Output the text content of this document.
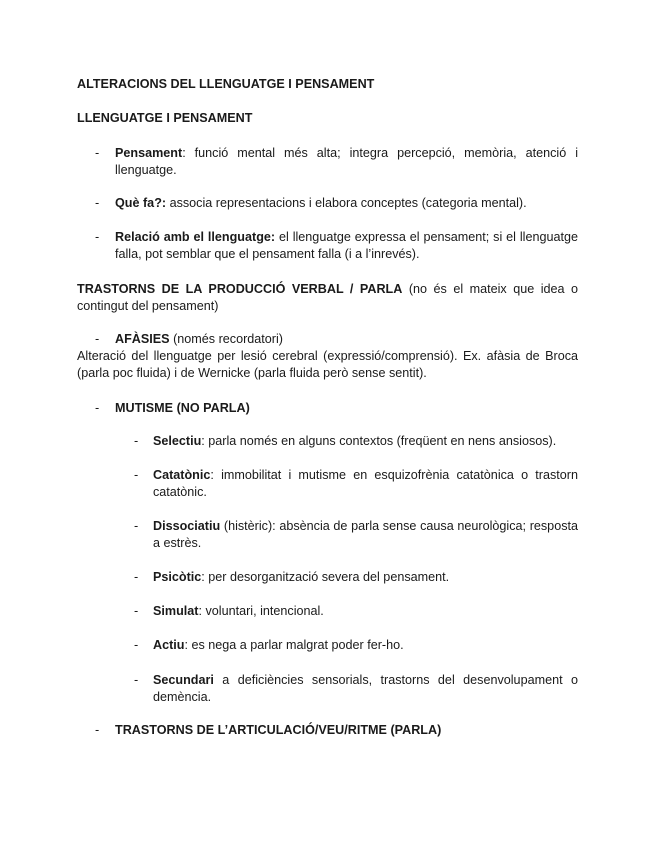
ALTERACIONS DEL LLENGUATGE I PENSAMENT
LLENGUATGE I PENSAMENT
- Pensament: funció mental més alta; integra percepció, memòria, atenció i llenguatge.
- Què fa?: associa representacions i elabora conceptes (categoria mental).
- Relació amb el llenguatge: el llenguatge expressa el pensament; si el llenguatge falla, pot semblar que el pensament falla (i a l’inrevés).
TRASTORNS DE LA PRODUCCIÓ VERBAL / PARLA (no és el mateix que idea o contingut del pensament)
- AFÀSIES (només recordatori)
Alteració del llenguatge per lesió cerebral (expressió/comprensió). Ex. afàsia de Broca (parla poc fluida) i de Wernicke (parla fluida però sense sentit).
- MUTISME (NO PARLA)
- Selectiu: parla només en alguns contextos (freqüent en nens ansiosos).
- Catatònic: immobilitat i mutisme en esquizofrènia catatònica o trastorn catatònic.
- Dissociatiu (histèric): absència de parla sense causa neurològica; resposta a estrès.
- Psicòtic: per desorganització severa del pensament.
- Simulat: voluntari, intencional.
- Actiu: es nega a parlar malgrat poder fer-ho.
- Secundari a deficiències sensorials, trastorns del desenvolupament o demència.
- TRASTORNS DE L’ARTICULACIÓ/VEU/RITME (PARLA)
